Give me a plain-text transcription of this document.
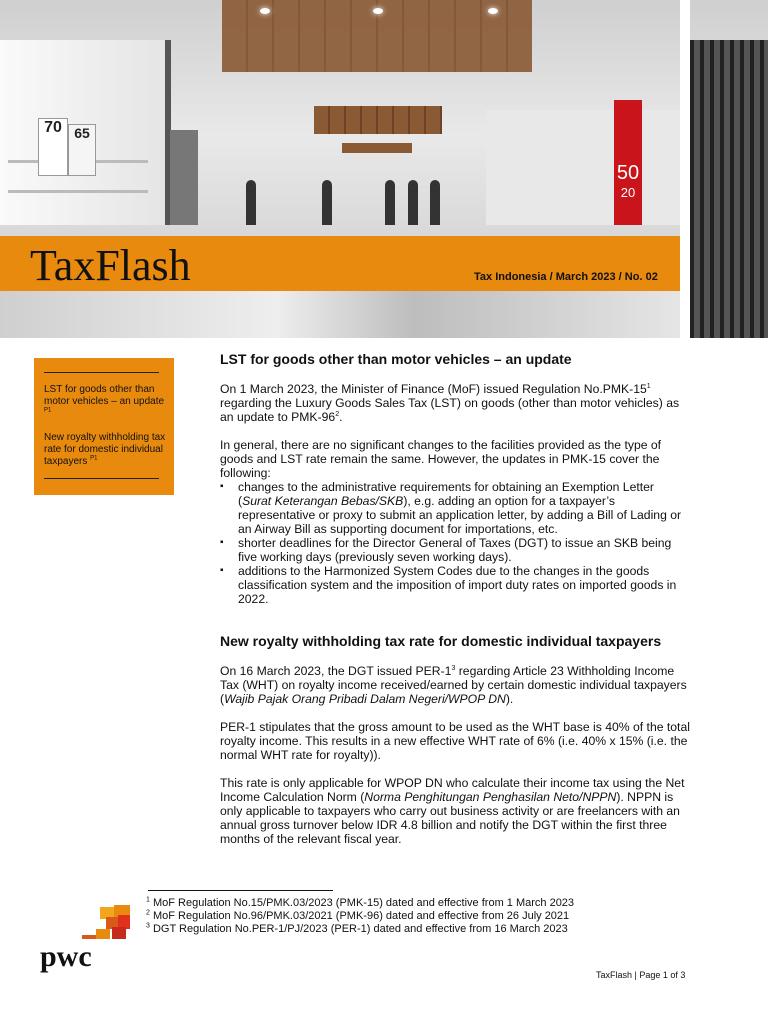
70 65
50
20
TaxFlash	Tax Indonesia / March 2023 / No. 02
LST for goods other than motor vehicles – an update $^{P1}$
New royalty withholding tax rate for domestic individual taxpayers $^{P1}$
LST for goods other than motor vehicles – an update

On 1 March 2023, the Minister of Finance (MoF) issued Regulation $No.PMK-15^1$ regarding the Luxury Goods Sales Tax (LST) on goods (other than motor vehicles) as an update to PMK-$96^2$.

In general, there are no significant changes to the facilities provided as the type of goods and LST rate remain the same. However, the updates in PMK-15 cover the following:

▪ changes to the administrative requirements for obtaining an Exemption Letter (Surat Keterangan Bebas/SKB), e.g. adding an option for a taxpayer’s representative or proxy to submit an application letter, by adding a Bill of Lading or an Airway Bill as supporting document for importations, etc.
▪ shorter deadlines for the Director General of Taxes (DGT) to issue an SKB being five working days (previously seven working days).
▪ additions to the Harmonized System Codes due to the changes in the goods classification system and the imposition of import duty rates on imported goods in 2022.
New royalty withholding tax rate for domestic individual taxpayers

On 16 March 2023, the DGT issued PER-$1^3$ regarding Article 23 Withholding Income Tax (WHT) on royalty income received/earned by certain domestic individual taxpayers (Wajib Pajak Orang Pribadi Dalam Negeri/WPOP DN).

PER-1 stipulates that the gross amount to be used as the WHT base is 40% of the total royalty income. This results in a new effective WHT rate of 6% (i.e. 40% x 15% (i.e. the normal WHT rate for royalty)).

This rate is only applicable for WPOP DN who calculate their income tax using the Net Income Calculation Norm (Norma Penghitungan Penghasilan Neto/NPPN). NPPN is only applicable to taxpayers who carry out business activity or are freelancers with an annual gross turnover below IDR 4.8 billion and notify the DGT within the first three months of the relevant fiscal year.

$^1$ MoF Regulation No.15/PMK.03/2023 (PMK-15) dated and effective from 1 March 2023
$^2$ MoF Regulation No.96/PMK.03/2021 (PMK-96) dated and effective from 26 July 2021
$^3$ DGT Regulation No.PER-1/PJ/2023 (PER-1) dated and effective from 16 March 2023
pwc
TaxFlash | Page 1 of 3
